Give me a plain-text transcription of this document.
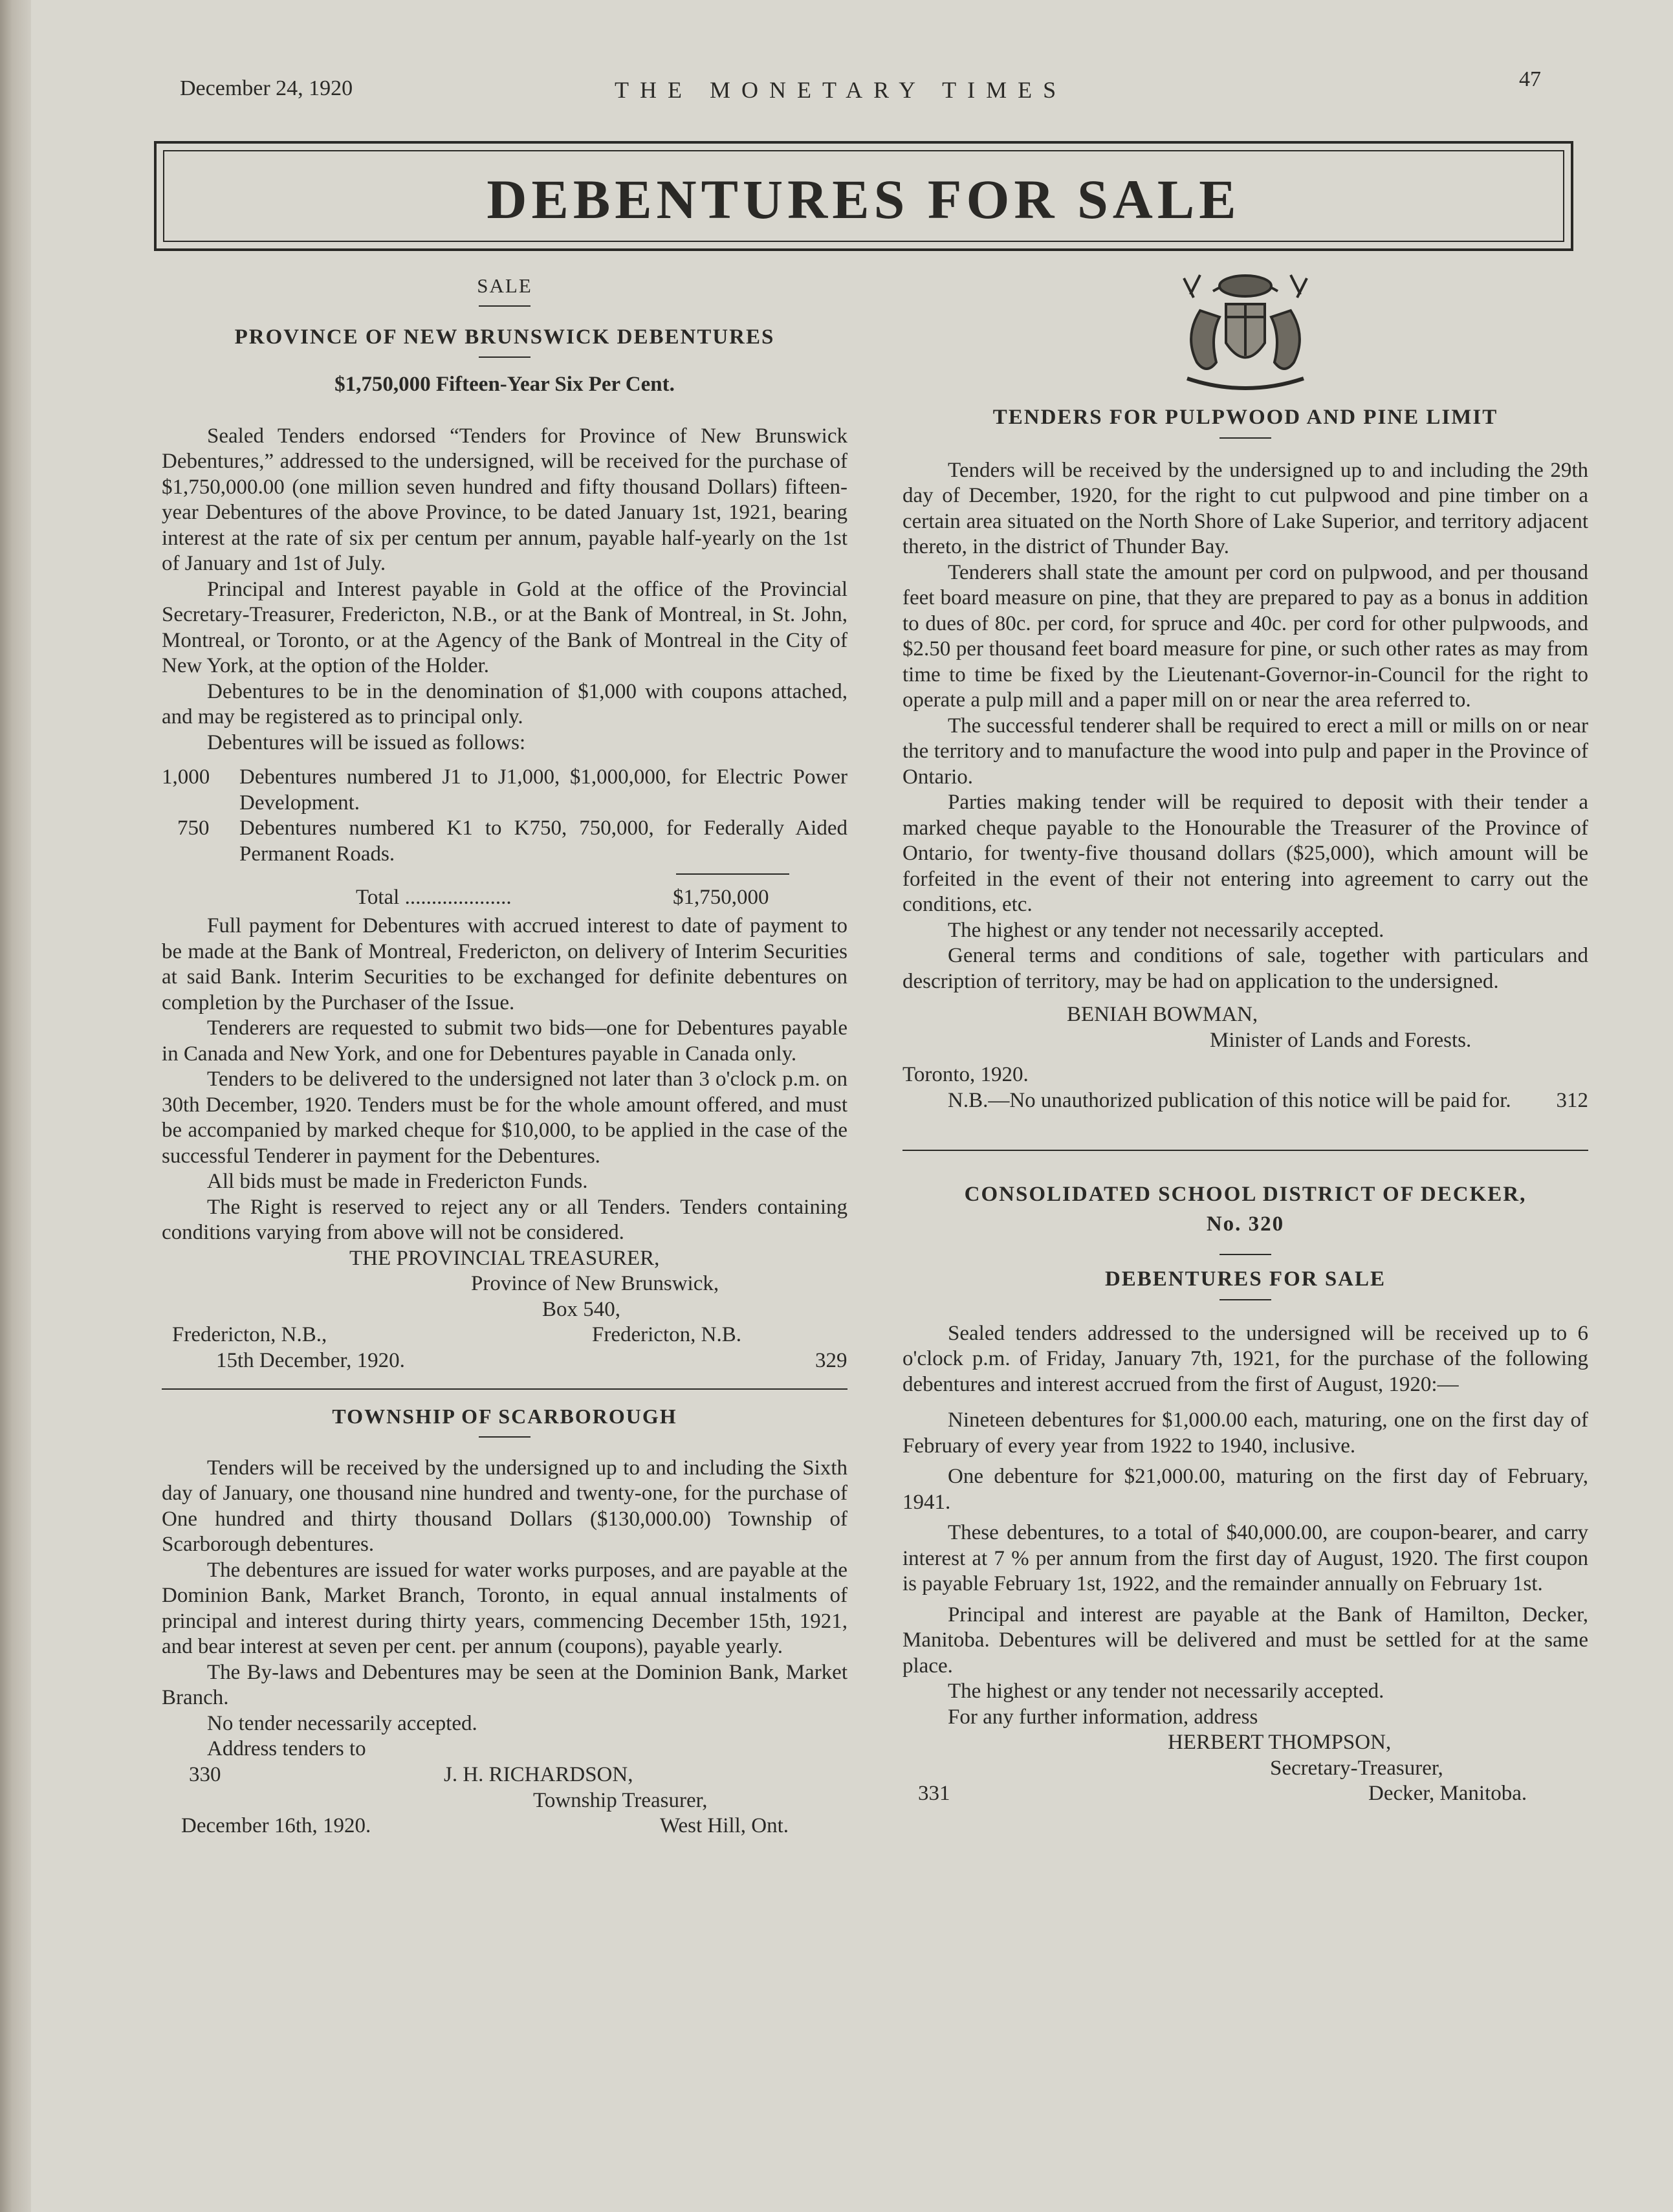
December 24, 1920	THE MONETARY TIMES	47
DEBENTURES FOR SALE

SALE

PROVINCE OF NEW BRUNSWICK DEBENTURES

$1,750,000 Fifteen-Year Six Per Cent.

Sealed Tenders endorsed “Tenders for Province of New Brunswick Debentures,” addressed to the undersigned, will be received for the purchase of $1,750,000.00 (one million seven hundred and fifty thousand Dollars) fifteen-year Debentures of the above Province, to be dated January 1st, 1921, bearing interest at the rate of six per centum per annum, payable half-yearly on the 1st of January and 1st of July.

Principal and Interest payable in Gold at the office of the Provincial Secretary-Treasurer, Fredericton, N.B., or at the Bank of Montreal, in St. John, Montreal, or Toronto, or at the Agency of the Bank of Montreal in the City of New York, at the option of the Holder.

Debentures to be in the denomination of $1,000 with coupons attached, and may be registered as to principal only.

Debentures will be issued as follows:

1,000	Debentures numbered J1 to J1,000, $1,000,000, for Electric Power Development.
750	Debentures numbered K1 to K750, 750,000, for Federally Aided Permanent Roads.
Total ....................	$1,750,000

Full payment for Debentures with accrued interest to date of payment to be made at the Bank of Montreal, Fredericton, on delivery of Interim Securities at said Bank. Interim Securities to be exchanged for definite debentures on completion by the Purchaser of the Issue.

Tenderers are requested to submit two bids—one for Debentures payable in Canada and New York, and one for Debentures payable in Canada only.

Tenders to be delivered to the undersigned not later than 3 o'clock p.m. on 30th December, 1920. Tenders must be for the whole amount offered, and must be accompanied by marked cheque for $10,000, to be applied in the case of the successful Tenderer in payment for the Debentures.

All bids must be made in Fredericton Funds.

The Right is reserved to reject any or all Tenders. Tenders containing conditions varying from above will not be considered.

THE PROVINCIAL TREASURER,
Province of New Brunswick,
Box 540,
Fredericton, N.B.,	Fredericton, N.B.
15th December, 1920.	329

TOWNSHIP OF SCARBOROUGH

Tenders will be received by the undersigned up to and including the Sixth day of January, one thousand nine hundred and twenty-one, for the purchase of One hundred and thirty thousand Dollars ($130,000.00) Township of Scarborough debentures.

The debentures are issued for water works purposes, and are payable at the Dominion Bank, Market Branch, Toronto, in equal annual instalments of principal and interest during thirty years, commencing December 15th, 1921, and bear interest at seven per cent. per annum (coupons), payable yearly.

The By-laws and Debentures may be seen at the Dominion Bank, Market Branch.

No tender necessarily accepted.

Address tenders to

330	J. H. RICHARDSON,
Township Treasurer,
December 16th, 1920.	West Hill, Ont.

TENDERS FOR PULPWOOD AND PINE LIMIT

Tenders will be received by the undersigned up to and including the 29th day of December, 1920, for the right to cut pulpwood and pine timber on a certain area situated on the North Shore of Lake Superior, and territory adjacent thereto, in the district of Thunder Bay.

Tenderers shall state the amount per cord on pulpwood, and per thousand feet board measure on pine, that they are prepared to pay as a bonus in addition to dues of 80c. per cord, for spruce and 40c. per cord for other pulpwoods, and $2.50 per thousand feet board measure for pine, or such other rates as may from time to time be fixed by the Lieutenant-Governor-in-Council for the right to operate a pulp mill and a paper mill on or near the area referred to.

The successful tenderer shall be required to erect a mill or mills on or near the territory and to manufacture the wood into pulp and paper in the Province of Ontario.

Parties making tender will be required to deposit with their tender a marked cheque payable to the Honourable the Treasurer of the Province of Ontario, for twenty-five thousand dollars ($25,000), which amount will be forfeited in the event of their not entering into agreement to carry out the conditions, etc.

The highest or any tender not necessarily accepted.

General terms and conditions of sale, together with particulars and description of territory, may be had on application to the undersigned.

BENIAH BOWMAN,
Minister of Lands and Forests.
Toronto, 1920.

N.B.—No unauthorized publication of this notice will be paid for.	312

CONSOLIDATED SCHOOL DISTRICT OF DECKER,

No. 320

DEBENTURES FOR SALE

Sealed tenders addressed to the undersigned will be received up to 6 o'clock p.m. of Friday, January 7th, 1921, for the purchase of the following debentures and interest accrued from the first of August, 1920:—

Nineteen debentures for $1,000.00 each, maturing, one on the first day of February of every year from 1922 to 1940, inclusive.

One debenture for $21,000.00, maturing on the first day of February, 1941.

These debentures, to a total of $40,000.00, are coupon-bearer, and carry interest at 7 % per annum from the first day of August, 1920. The first coupon is payable February 1st, 1922, and the remainder annually on February 1st.

Principal and interest are payable at the Bank of Hamilton, Decker, Manitoba. Debentures will be delivered and must be settled for at the same place.

The highest or any tender not necessarily accepted.

For any further information, address

HERBERT THOMPSON,
Secretary-Treasurer,
331	Decker, Manitoba.
